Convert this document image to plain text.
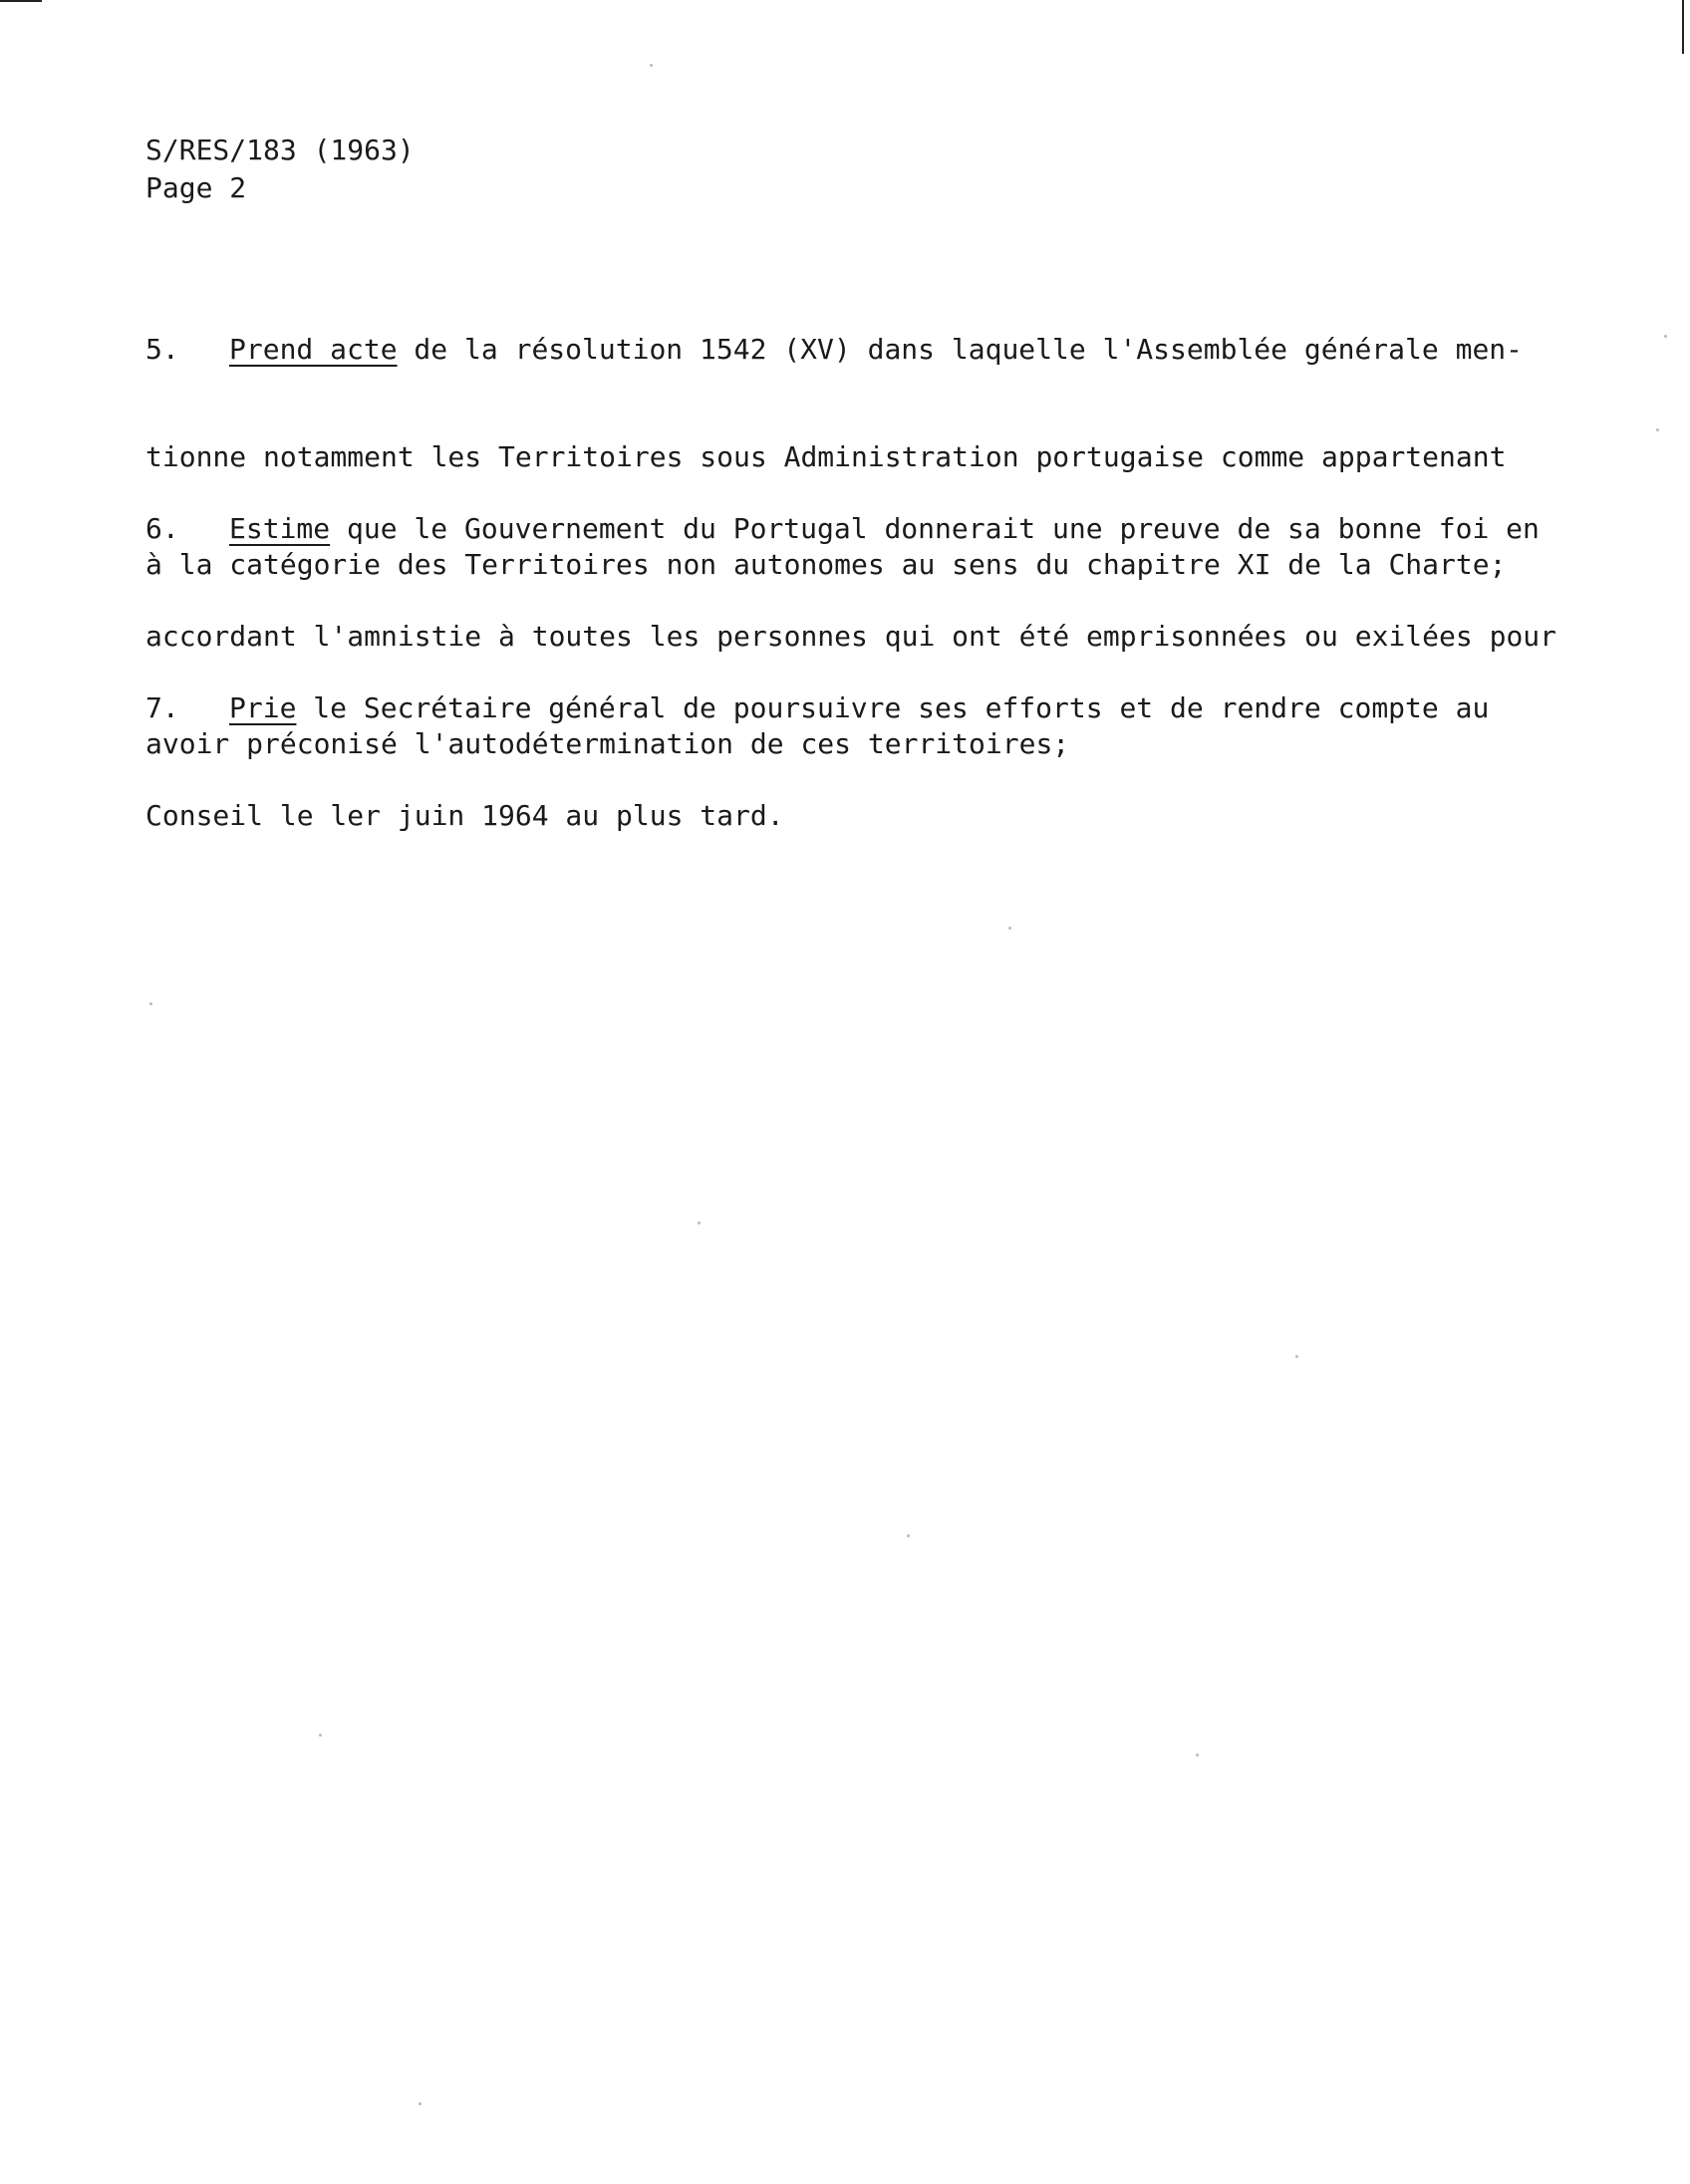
S/RES/183 (1963)
Page 2

5. Prend acte de la résolution 1542 (XV) dans laquelle l'Assemblée générale men-

tionne notamment les Territoires sous Administration portugaise comme appartenant

à la catégorie des Territoires non autonomes au sens du chapitre XI de la Charte;

6. Estime que le Gouvernement du Portugal donnerait une preuve de sa bonne foi en

accordant l'amnistie à toutes les personnes qui ont été emprisonnées ou exilées pour

avoir préconisé l'autodétermination de ces territoires;

7. Prie le Secrétaire général de poursuivre ses efforts et de rendre compte au

Conseil le ler juin 1964 au plus tard.
